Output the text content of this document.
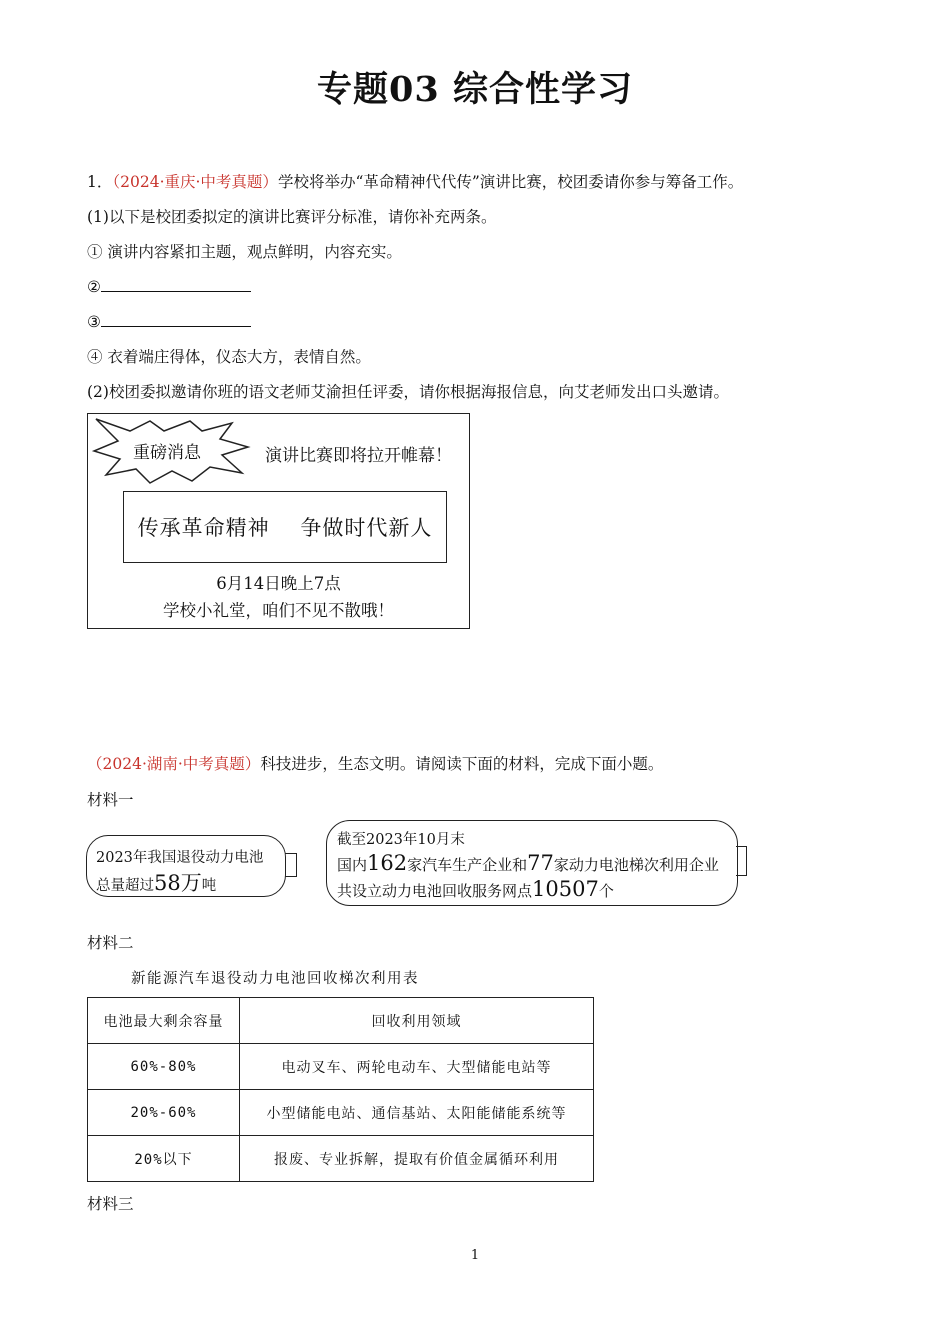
专题03 综合性学习
1．（2024·重庆·中考真题）学校将举办“革命精神代代传”演讲比赛，校团委请你参与筹备工作。
(1)以下是校团委拟定的演讲比赛评分标准，请你补充两条。
① 演讲内容紧扣主题，观点鲜明，内容充实。
②
③
④ 衣着端庄得体，仪态大方，表情自然。
(2)校团委拟邀请你班的语文老师艾渝担任评委，请你根据海报信息，向艾老师发出口头邀请。
重磅消息	演讲比赛即将拉开帷幕！
传承革命精神    争做时代新人
6月14日晚上7点
学校小礼堂，咱们不见不散哦！
（2024·湖南·中考真题）科技进步，生态文明。请阅读下面的材料，完成下面小题。
材料一
2023年我国退役动力电池
总量超过58万吨
截至2023年10月末
国内162家汽车生产企业和77家动力电池梯次利用企业
共设立动力电池回收服务网点10507个
材料二
新能源汽车退役动力电池回收梯次利用表
电池最大剩余容量	回收利用领域
60%-80%	电动叉车、两轮电动车、大型储能电站等
20%-60%	小型储能电站、通信基站、太阳能储能系统等
20%以下	报废、专业拆解，提取有价值金属循环利用
材料三
1
